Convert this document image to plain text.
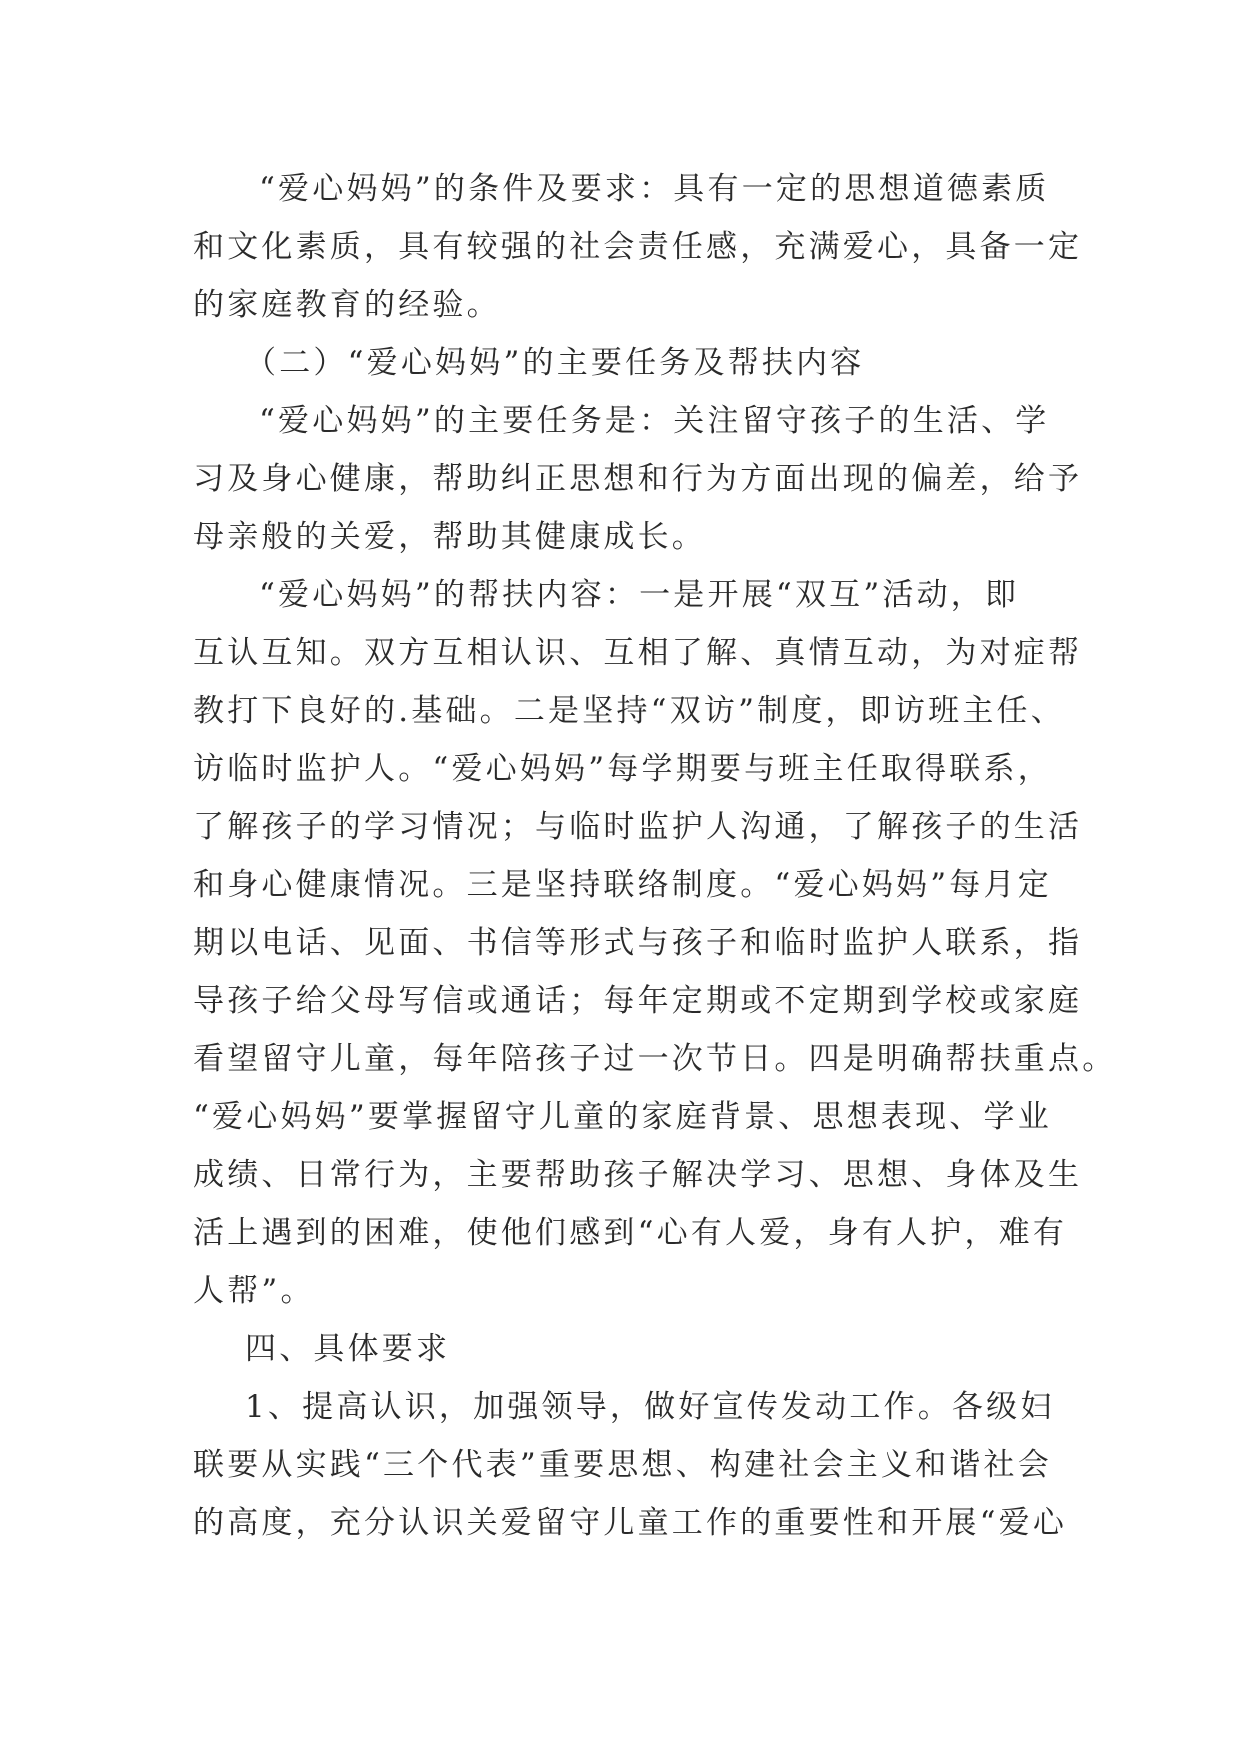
“爱心妈妈”的条件及要求：具有一定的思想道德素质
和文化素质，具有较强的社会责任感，充满爱心，具备一定
的家庭教育的经验。
（二）“爱心妈妈”的主要任务及帮扶内容
“爱心妈妈”的主要任务是：关注留守孩子的生活、学
习及身心健康，帮助纠正思想和行为方面出现的偏差，给予
母亲般的关爱，帮助其健康成长。
“爱心妈妈”的帮扶内容：一是开展“双互”活动，即
互认互知。双方互相认识、互相了解、真情互动，为对症帮
教打下良好的.基础。二是坚持“双访”制度，即访班主任、
访临时监护人。“爱心妈妈”每学期要与班主任取得联系，
了解孩子的学习情况；与临时监护人沟通，了解孩子的生活
和身心健康情况。三是坚持联络制度。“爱心妈妈”每月定
期以电话、见面、书信等形式与孩子和临时监护人联系，指
导孩子给父母写信或通话；每年定期或不定期到学校或家庭
看望留守儿童，每年陪孩子过一次节日。四是明确帮扶重点。
“爱心妈妈”要掌握留守儿童的家庭背景、思想表现、学业
成绩、日常行为，主要帮助孩子解决学习、思想、身体及生
活上遇到的困难，使他们感到“心有人爱，身有人护，难有
人帮”。
四、具体要求
1、提高认识，加强领导，做好宣传发动工作。各级妇
联要从实践“三个代表”重要思想、构建社会主义和谐社会
的高度，充分认识关爱留守儿童工作的重要性和开展“爱心
